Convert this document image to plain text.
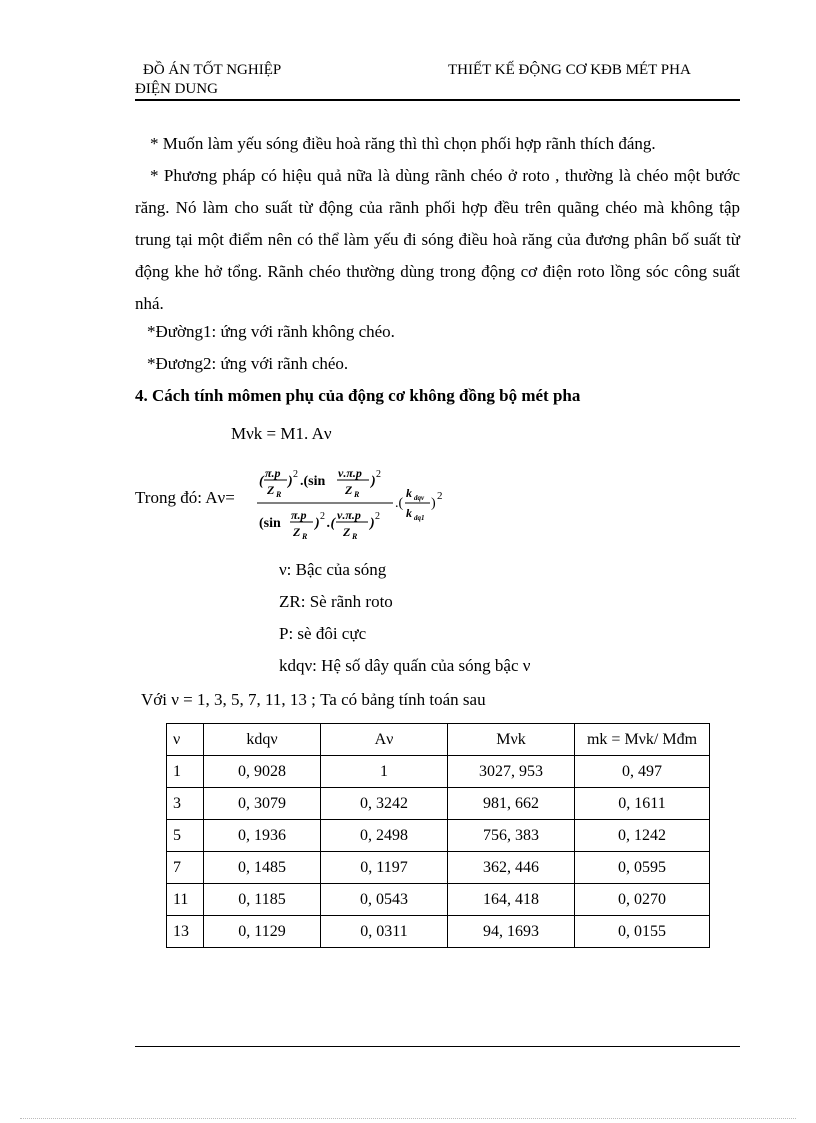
ĐỒ ÁN TỐT NGHIỆP	THIẾT KẾ ĐỘNG CƠ KĐB MÉT PHA
ĐIỆN DUNG
* Muốn làm yếu sóng điều hoà răng thì thì chọn phối hợp rãnh thích đáng.
* Phương pháp có hiệu quả nữa là dùng rãnh chéo ở roto , thường là chéo một bước răng. Nó làm cho suất từ động của rãnh phối hợp đều trên quãng chéo mà không tập trung tại một điểm nên có thể làm yếu đi sóng điều hoà răng của đương phân bố suất từ động khe hở tổng. Rãnh chéo thường dùng trong động cơ điện roto lồng sóc công suất nhá.
*Đường1: ứng với rãnh không chéo.
*Đương2: ứng với rãnh chéo.
4. Cách tính mômen phụ của động cơ không đồng bộ mét pha
Mνk = M1. Aν
Trong đó: Aν=
(
π.p
Z R
) 2 .(sin
ν.π.p
Z R
) 2
(sin
π.p
Z R
) 2 .(
ν.π.p
Z R
) 2
.(
k dqν
k dq1
) 2
ν: Bậc của sóng
ZR: Sè rãnh roto
P: sè đôi cực
kdqν: Hệ số dây quấn của sóng bậc ν
Với ν = 1, 3, 5, 7, 11, 13 ; Ta có bảng tính toán sau
ν	kdqν	Aν	Mνk	mk = Mνk/ Mđm
1	0, 9028	1	3027, 953	0, 497
3	0, 3079	0, 3242	981, 662	0, 1611
5	0, 1936	0, 2498	756, 383	0, 1242
7	0, 1485	0, 1197	362, 446	0, 0595
11	0, 1185	0, 0543	164, 418	0, 0270
13	0, 1129	0, 0311	94, 1693	0, 0155
